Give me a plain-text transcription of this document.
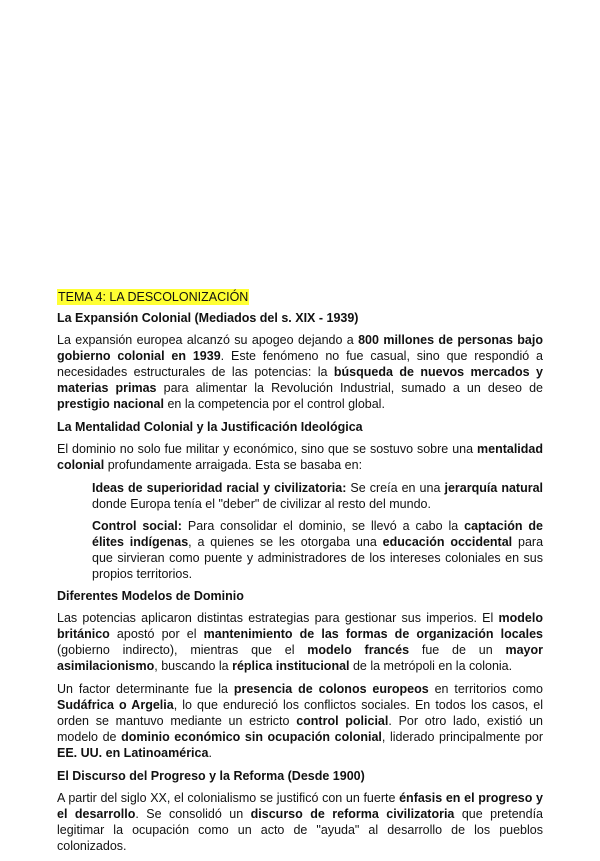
TEMA 4: LA DESCOLONIZACIÓN
La Expansión Colonial (Mediados del s. XIX - 1939)

La expansión europea alcanzó su apogeo dejando a 800 millones de personas bajo gobierno colonial en 1939. Este fenómeno no fue casual, sino que respondió a necesidades estructurales de las potencias: la búsqueda de nuevos mercados y materias primas para alimentar la Revolución Industrial, sumado a un deseo de prestigio nacional en la competencia por el control global.

La Mentalidad Colonial y la Justificación Ideológica

El dominio no solo fue militar y económico, sino que se sostuvo sobre una mentalidad colonial profundamente arraigada. Esta se basaba en:

Ideas de superioridad racial y civilizatoria: Se creía en una jerarquía natural donde Europa tenía el "deber" de civilizar al resto del mundo.

Control social: Para consolidar el dominio, se llevó a cabo la captación de élites indígenas, a quienes se les otorgaba una educación occidental para que sirvieran como puente y administradores de los intereses coloniales en sus propios territorios.

Diferentes Modelos de Dominio

Las potencias aplicaron distintas estrategias para gestionar sus imperios. El modelo británico apostó por el mantenimiento de las formas de organización locales (gobierno indirecto), mientras que el modelo francés fue de un mayor asimilacionismo, buscando la réplica institucional de la metrópoli en la colonia.

Un factor determinante fue la presencia de colonos europeos en territorios como Sudáfrica o Argelia, lo que endureció los conflictos sociales. En todos los casos, el orden se mantuvo mediante un estricto control policial. Por otro lado, existió un modelo de dominio económico sin ocupación colonial, liderado principalmente por EE. UU. en Latinoamérica.

El Discurso del Progreso y la Reforma (Desde 1900)

A partir del siglo XX, el colonialismo se justificó con un fuerte énfasis en el progreso y el desarrollo. Se consolidó un discurso de reforma civilizatoria que pretendía legitimar la ocupación como un acto de "ayuda" al desarrollo de los pueblos colonizados.
